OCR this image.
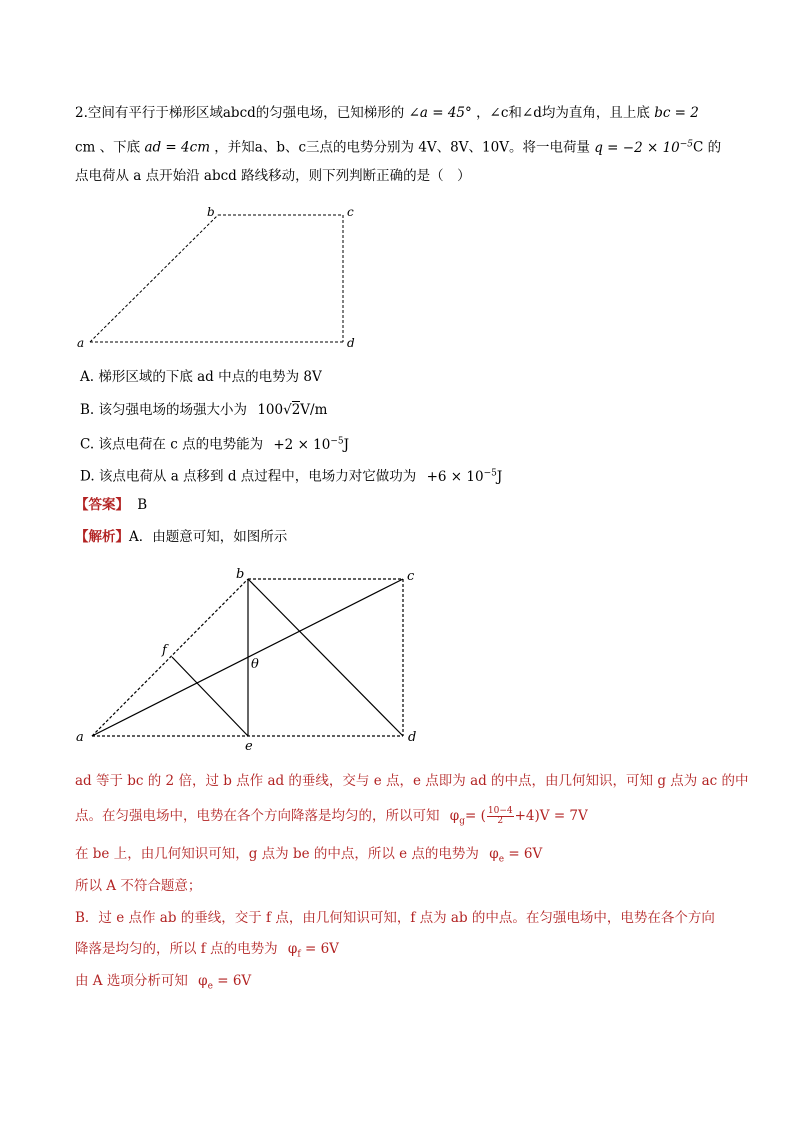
2.空间有平行于梯形区域abcd的匀强电场，已知梯形的 ∠a = 45° ，∠c和∠d均为直角，且上底 bc = 2
cm 、下底 ad = 4cm ，并知a、b、c三点的电势分别为 4V、8V、10V。将一电荷量 $q = -2 \times 10^{-5}C$ 的
点电荷从 a 点开始沿 abcd 路线移动，则下列判断正确的是（　）
a
b	c
d
A. 梯形区域的下底 ad 中点的电势为 8V
B. 该匀强电场的场强大小为 100√2V/m
C. 该点电荷在 c 点的电势能为 $+2 \times 10^{-5}J$
D. 该点电荷从 a 点移到 d 点过程中，电场力对它做功为 $+6 \times 10^{-5}J$
【答案】 B
【解析】A．由题意可知，如图所示
a
b	c
d
e
f
θ
ad 等于 bc 的 2 倍，过 b 点作 ad 的垂线，交与 e 点，e 点即为 ad 的中点，由几何知识，可知 g 点为 ac 的中
点。在匀强电场中，电势在各个方向降落是均匀的，所以可知 $\varphi_g=$ ( $\frac{10-4}{2} +4)V = 7V$
在 be 上，由几何知识可知，g 点为 be 的中点，所以 e 点的电势为 $\varphi_e = 6V$
所以 A 不符合题意；
B．过 e 点作 ab 的垂线，交于 f 点，由几何知识可知，f 点为 ab 的中点。在匀强电场中，电势在各个方向
降落是均匀的，所以 f 点的电势为 $\varphi_f = 6V$
由 A 选项分析可知 $\varphi_e = 6V$
